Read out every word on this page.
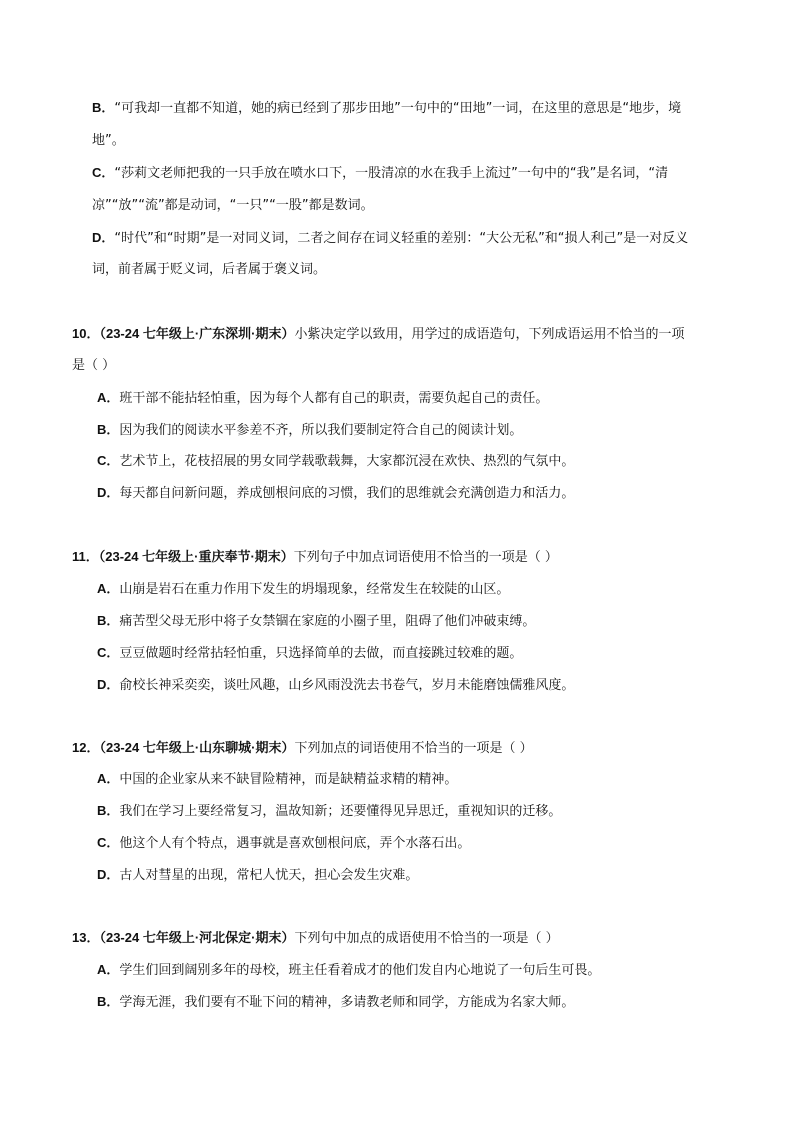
B．“可我却一直都不知道，她的病已经到了那步田地”一句中的“田地”一词，在这里的意思是“地步，境
地”。
C．“莎莉文老师把我的一只手放在喷水口下，一股清凉的水在我手上流过”一句中的“我”是名词，“清
凉”“放”“流”都是动词，“一只”“一股”都是数词。
D．“时代”和“时期”是一对同义词，二者之间存在词义轻重的差别：“大公无私”和“损人利己”是一对反义
词，前者属于贬义词，后者属于褒义词。
10．（23-24 七年级上·广东深圳·期末）小紫决定学以致用，用学过的成语造句，下列成语运用不恰当的一项
是（ ）
A．班干部不能拈轻怕重，因为每个人都有自己的职责，需要负起自己的责任。
B．因为我们的阅读水平参差不齐，所以我们要制定符合自己的阅读计划。
C．艺术节上，花枝招展的男女同学载歌载舞，大家都沉浸在欢快、热烈的气氛中。
D．每天都自问新问题，养成刨根问底的习惯，我们的思维就会充满创造力和活力。
11．（23-24 七年级上·重庆奉节·期末）下列句子中加点词语使用不恰当的一项是（ ）
A．山崩是岩石在重力作用下发生的坍塌现象，经常发生在较陡的山区。
B．痛苦型父母无形中将子女禁锢在家庭的小圈子里，阻碍了他们冲破束缚。
C．豆豆做题时经常拈轻怕重，只选择简单的去做，而直接跳过较难的题。
D．俞校长神采奕奕，谈吐风趣，山乡风雨没洗去书卷气，岁月未能磨蚀儒雅风度。
12．（23-24 七年级上·山东聊城·期末）下列加点的词语使用不恰当的一项是（ ）
A．中国的企业家从来不缺冒险精神，而是缺精益求精的精神。
B．我们在学习上要经常复习，温故知新；还要懂得见异思迁，重视知识的迁移。
C．他这个人有个特点，遇事就是喜欢刨根问底，弄个水落石出。
D．古人对彗星的出现，常杞人忧天，担心会发生灾难。
13．（23-24 七年级上·河北保定·期末）下列句中加点的成语使用不恰当的一项是（ ）
A．学生们回到阔别多年的母校，班主任看着成才的他们发自内心地说了一句后生可畏。
B．学海无涯，我们要有不耻下问的精神，多请教老师和同学，方能成为名家大师。
